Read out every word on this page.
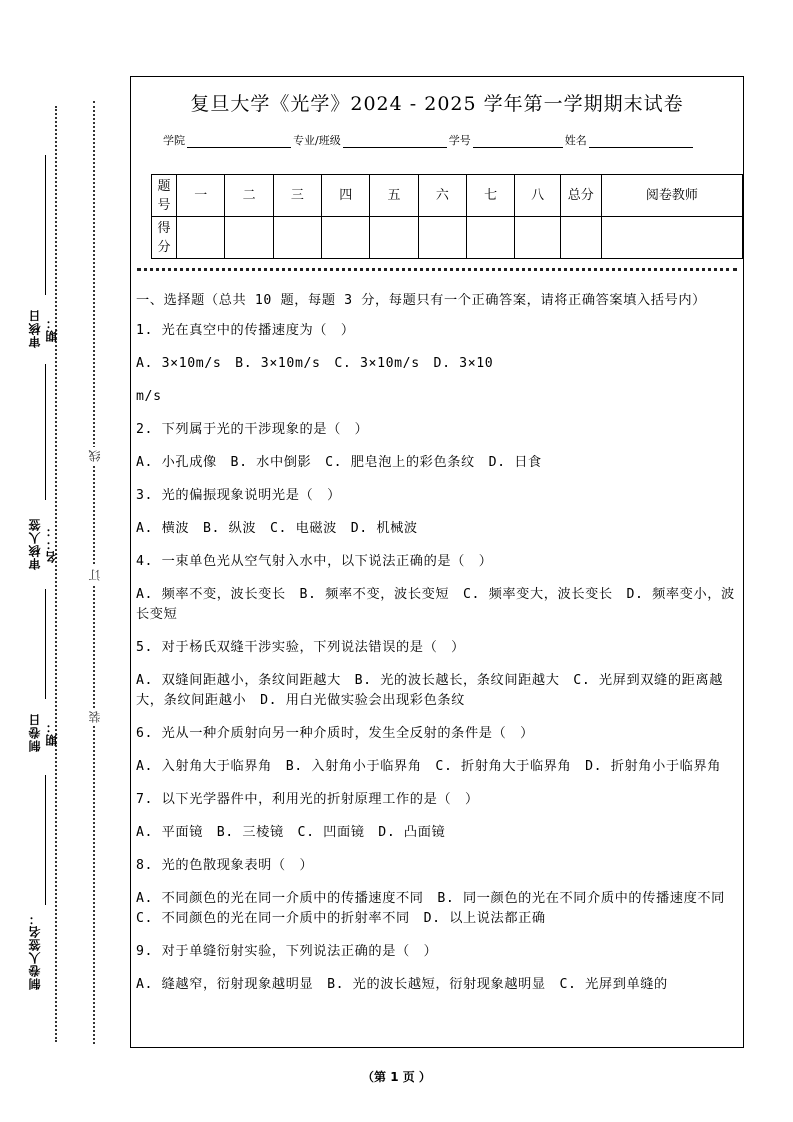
审核日期：
审核人签名：：
制卷日期：
制卷人签名：
线
订
装
复旦大学《光学》2024 - 2025 学年第一学期期末试卷
学院	专业/班级	学号	姓名
题号	一	二	三	四	五	六	七	八	总分	阅卷教师
得分										

一、选择题（总共 10 题，每题 3 分，每题只有一个正确答案，请将正确答案填入括号内）

1. 光在真空中的传播速度为（　）

A. 3×10m/s　B. 3×10m/s　C. 3×10m/s　D. 3×10

m/s

2. 下列属于光的干涉现象的是（　）

A. 小孔成像　B. 水中倒影　C. 肥皂泡上的彩色条纹　D. 日食

3. 光的偏振现象说明光是（　）

A. 横波　B. 纵波　C. 电磁波　D. 机械波

4. 一束单色光从空气射入水中，以下说法正确的是（　）

A. 频率不变，波长变长　B. 频率不变，波长变短　C. 频率变大，波长变长　D. 频率变小，波长变短

5. 对于杨氏双缝干涉实验，下列说法错误的是（　）

A. 双缝间距越小，条纹间距越大　B. 光的波长越长，条纹间距越大　C. 光屏到双缝的距离越大，条纹间距越小　D. 用白光做实验会出现彩色条纹

6. 光从一种介质射向另一种介质时，发生全反射的条件是（　）

A. 入射角大于临界角　B. 入射角小于临界角　C. 折射角大于临界角　D. 折射角小于临界角

7. 以下光学器件中，利用光的折射原理工作的是（　）

A. 平面镜　B. 三棱镜　C. 凹面镜　D. 凸面镜

8. 光的色散现象表明（　）

A. 不同颜色的光在同一介质中的传播速度不同　B. 同一颜色的光在不同介质中的传播速度不同　C. 不同颜色的光在同一介质中的折射率不同　D. 以上说法都正确

9. 对于单缝衍射实验，下列说法正确的是（　）

A. 缝越窄，衍射现象越明显　B. 光的波长越短，衍射现象越明显　C. 光屏到单缝的

（第 1 页 ）
